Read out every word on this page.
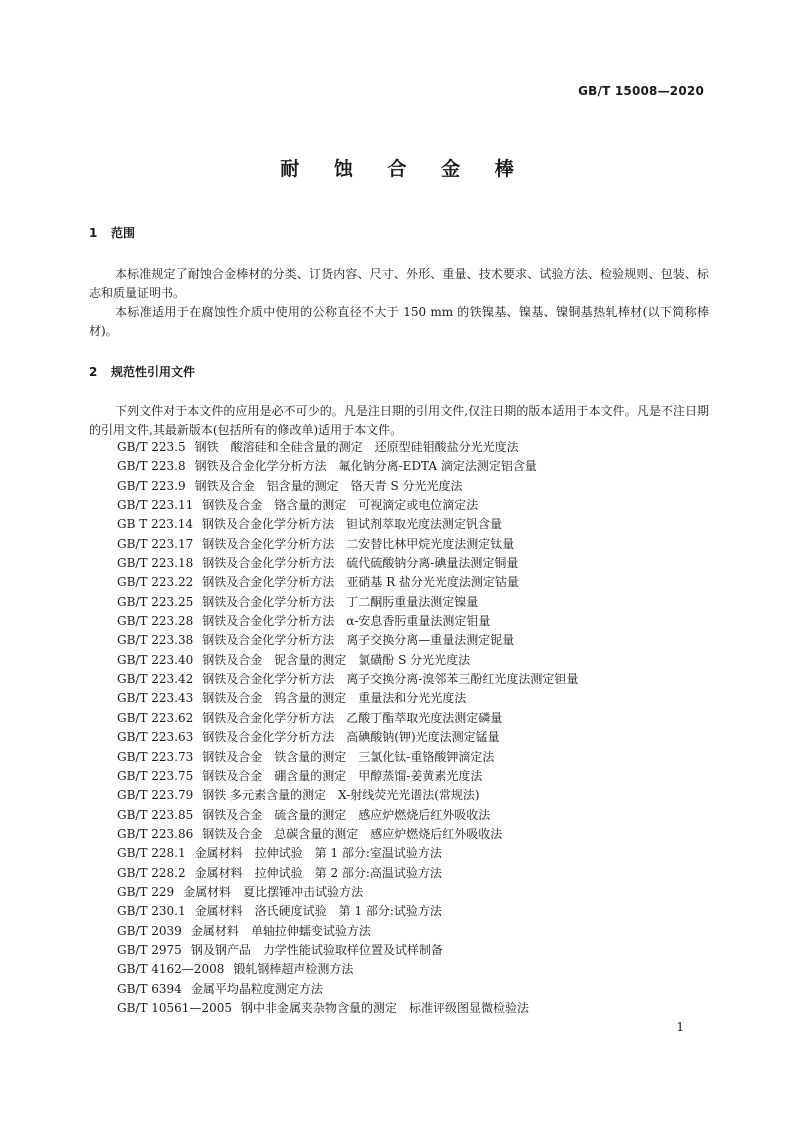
GB/T 15008—2020
耐 蚀 合 金 棒
1 范围
本标准规定了耐蚀合金棒材的分类、订货内容、尺寸、外形、重量、技术要求、试验方法、检验规则、包装、标志和质量证明书。
本标准适用于在腐蚀性介质中使用的公称直径不大于 150 mm 的铁镍基、镍基、镍铜基热轧棒材(以下简称棒材)。
2 规范性引用文件
下列文件对于本文件的应用是必不可少的。凡是注日期的引用文件,仅注日期的版本适用于本文件。凡是不注日期的引用文件,其最新版本(包括所有的修改单)适用于本文件。
GB/T 223.5 钢铁　酸溶硅和全硅含量的测定　还原型硅钼酸盐分光光度法
GB/T 223.8 钢铁及合金化学分析方法　氟化钠分离-EDTA 滴定法测定铝含量
GB/T 223.9 钢铁及合金　铝含量的测定　铬天青 S 分光光度法
GB/T 223.11 钢铁及合金　铬含量的测定　可视滴定或电位滴定法
GB T 223.14 钢铁及合金化学分析方法　钽试剂萃取光度法测定钒含量
GB/T 223.17 钢铁及合金化学分析方法　二安替比林甲烷光度法测定钛量
GB/T 223.18 钢铁及合金化学分析方法　硫代硫酸钠分离-碘量法测定铜量
GB/T 223.22 钢铁及合金化学分析方法　亚硝基 R 盐分光光度法测定钴量
GB/T 223.25 钢铁及合金化学分析方法　丁二酮肟重量法测定镍量
GB/T 223.28 钢铁及合金化学分析方法　α-安息香肟重量法测定钼量
GB/T 223.38 钢铁及合金化学分析方法　离子交换分离—重量法测定铌量
GB/T 223.40 钢铁及合金　铌含量的测定　氯磺酚 S 分光光度法
GB/T 223.42 钢铁及合金化学分析方法　离子交换分离-溴邻苯三酚红光度法测定钽量
GB/T 223.43 钢铁及合金　钨含量的测定　重量法和分光光度法
GB/T 223.62 钢铁及合金化学分析方法　乙酸丁酯萃取光度法测定磷量
GB/T 223.63 钢铁及合金化学分析方法　高碘酸钠(钾)光度法测定锰量
GB/T 223.73 钢铁及合金　铁含量的测定　三氯化钛-重铬酸钾滴定法
GB/T 223.75 钢铁及合金　硼含量的测定　甲醇蒸馏-姜黄素光度法
GB/T 223.79 钢铁 多元素含量的测定　X-射线荧光光谱法(常规法)
GB/T 223.85 钢铁及合金　硫含量的测定　感应炉燃烧后红外吸收法
GB/T 223.86 钢铁及合金　总碳含量的测定　感应炉燃烧后红外吸收法
GB/T 228.1 金属材料　拉伸试验　第 1 部分:室温试验方法
GB/T 228.2 金属材料　拉伸试验　第 2 部分:高温试验方法
GB/T 229 金属材料　夏比摆锤冲击试验方法
GB/T 230.1 金属材料　洛氏硬度试验　第 1 部分:试验方法
GB/T 2039 金属材料　单轴拉伸蠕变试验方法
GB/T 2975 钢及钢产品　力学性能试验取样位置及试样制备
GB/T 4162—2008 锻轧钢棒超声检测方法
GB/T 6394 金属平均晶粒度测定方法
GB/T 10561—2005 钢中非金属夹杂物含量的测定　标准评级图显微检验法
1
